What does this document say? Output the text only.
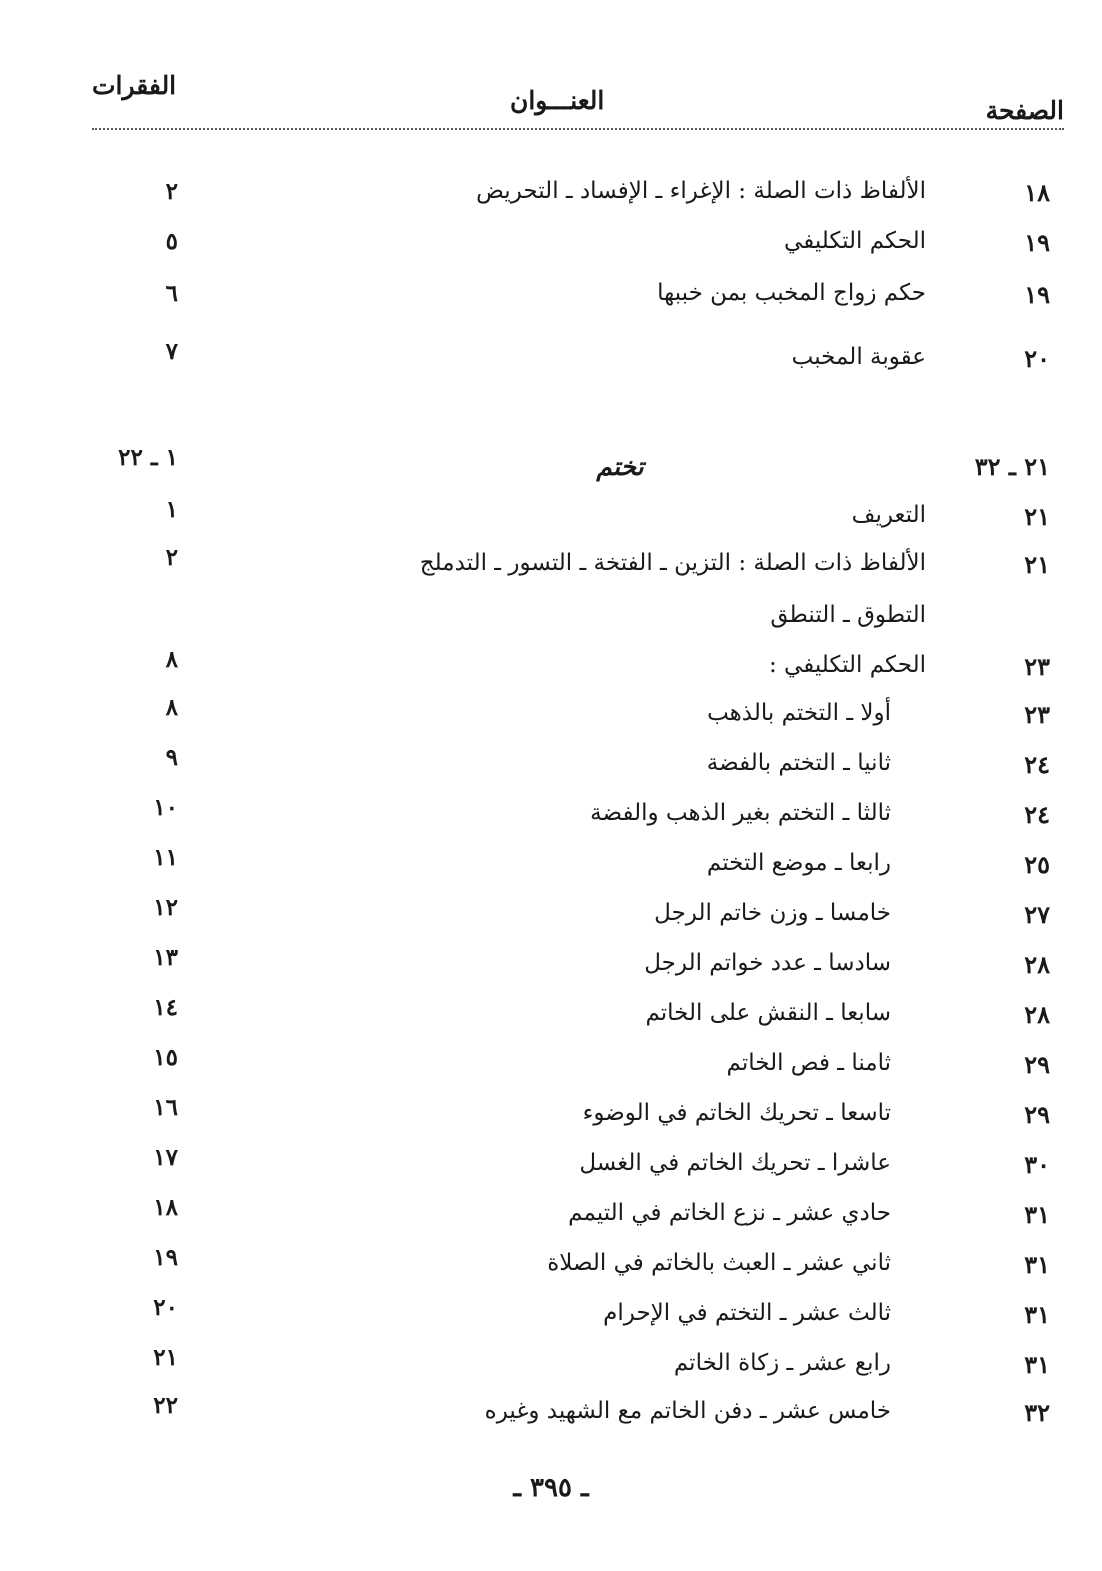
الصفحة
العنـــوان
الفقرات
١٨
الألفاظ ذات الصلة : الإغراء ـ الإفساد ـ التحريض
٢
١٩
الحكم التكليفي
٥
١٩
حكم زواج المخبب بمن خببها
٦
٢٠
عقوبة المخبب
٧
٢١ ـ ٣٢
تختم
١ ـ ٢٢
٢١
التعريف
١
٢١
الألفاظ ذات الصلة : التزين ـ الفتخة ـ التسور ـ التدملج
٢
التطوق ـ التنطق
٢٣
الحكم التكليفي :
٨
٢٣
أولا ـ التختم بالذهب
٨
٢٤
ثانيا ـ التختم بالفضة
٩
٢٤
ثالثا ـ التختم بغير الذهب والفضة
١٠
٢٥
رابعا ـ موضع التختم
١١
٢٧
خامسا ـ وزن خاتم الرجل
١٢
٢٨
سادسا ـ عدد خواتم الرجل
١٣
٢٨
سابعا ـ النقش على الخاتم
١٤
٢٩
ثامنا ـ فص الخاتم
١٥
٢٩
تاسعا ـ تحريك الخاتم في الوضوء
١٦
٣٠
عاشرا ـ تحريك الخاتم في الغسل
١٧
٣١
حادي عشر ـ نزع الخاتم في التيمم
١٨
٣١
ثاني عشر ـ العبث بالخاتم في الصلاة
١٩
٣١
ثالث عشر ـ التختم في الإحرام
٢٠
٣١
رابع عشر ـ زكاة الخاتم
٢١
٣٢
خامس عشر ـ دفن الخاتم مع الشهيد وغيره
٢٢
ـ ٣٩٥ ـ
